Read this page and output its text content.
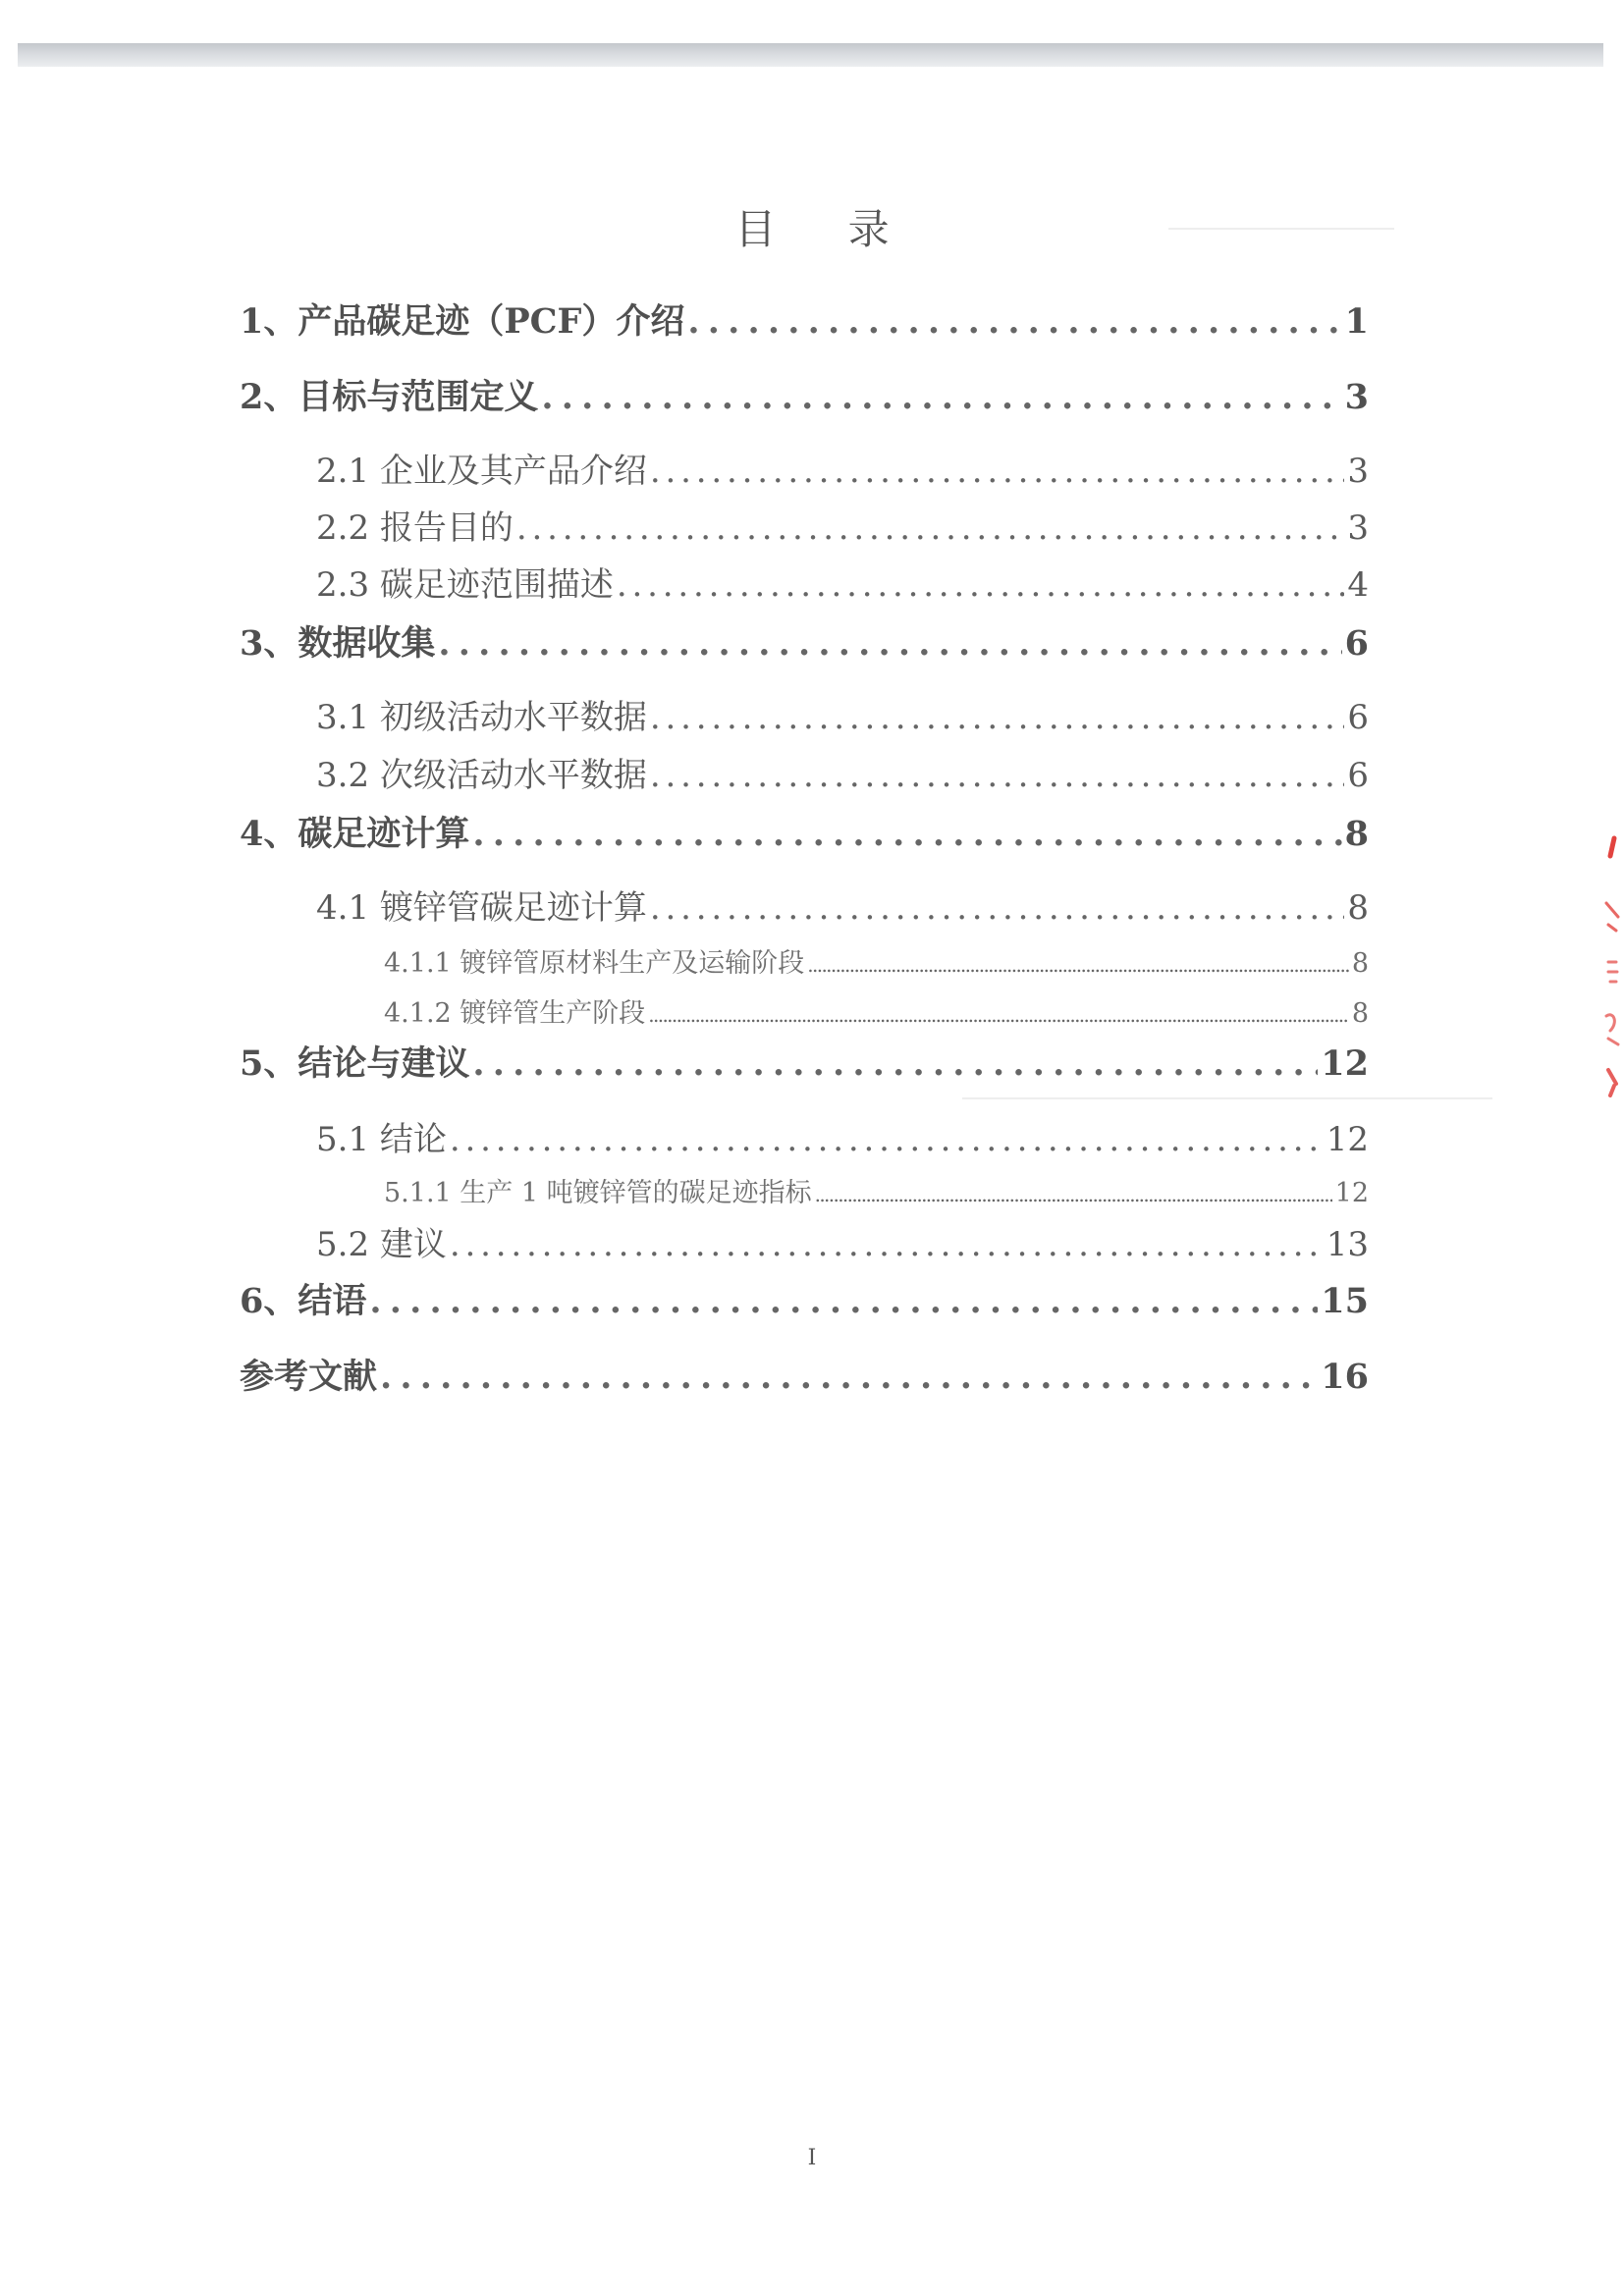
目 录
1、产品碳足迹（PCF）介绍 . . .	1
2、目标与范围定义 . . .	3
2.1 企业及其产品介绍 . . .	3
2.2 报告目的 . . .	3
2.3 碳足迹范围描述 . . .	4
3、数据收集 . . .	6
3.1 初级活动水平数据 . . .	6
3.2 次级活动水平数据 . . .	6
4、碳足迹计算 . . .	8
4.1 镀锌管碳足迹计算 . . .	8
4.1.1 镀锌管原材料生产及运输阶段 . . .	8
4.1.2 镀锌管生产阶段 . . .	8
5、结论与建议 . . .	12
5.1 结论 . . .	12
5.1.1 生产 1 吨镀锌管的碳足迹指标 . . .	12
5.2 建议 . . .	13
6、结语 . . .	15
参考文献 . . .	16
I
